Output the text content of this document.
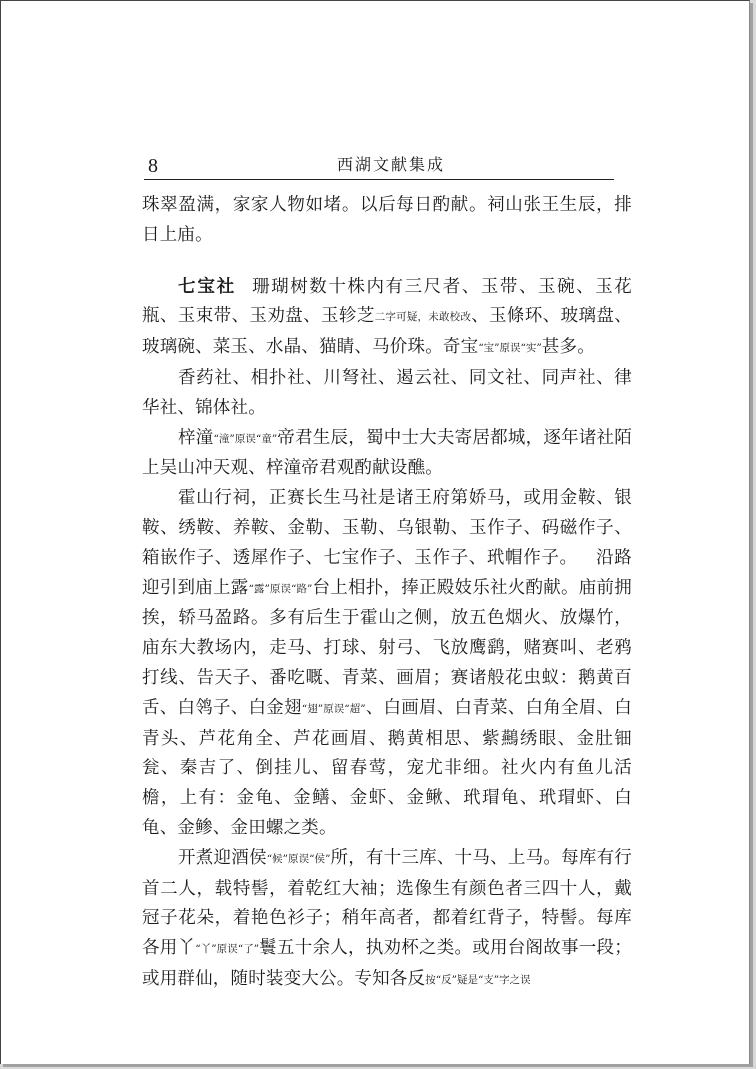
8	西湖文献集成

珠翠盈满，家家人物如堵。以后每日酌献。祠山张王生辰，排日上庙。

七宝社 珊瑚树数十株内有三尺者、玉带、玉碗、玉花瓶、玉束带、玉劝盘、玉轸芝二字可疑，未敢校改、玉條环、玻璃盘、玻璃碗、菜玉、水晶、猫睛、马价珠。奇宝“宝”原误“实”甚多。

香药社、相扑社、川弩社、遏云社、同文社、同声社、律华社、锦体社。

梓潼“潼”原误“童”帝君生辰，蜀中士大夫寄居都城，逐年诸社陌上吴山冲天观、梓潼帝君观酌献设醮。

霍山行祠，正赛长生马社是诸王府第娇马，或用金鞍、银鞍、绣鞍、养鞍、金勒、玉勒、乌银勒、玉作子、码磁作子、箱嵌作子、透犀作子、七宝作子、玉作子、玳帽作子。 沿路迎引到庙上露“露”原误“路”台上相扑，捧正殿妓乐社火酌献。庙前拥挨，轿马盈路。多有后生于霍山之侧，放五色烟火、放爆竹，庙东大教场内，走马、打球、射弓、飞放鹰鹞，赌赛叫、老鸦打线、告天子、番吃嘅、青菜、画眉；赛诸般花虫蚁：鹅黄百舌、白鸰子、白金翅“翅”原误“超”、白画眉、白青菜、白角全眉、白青头、芦花角全、芦花画眉、鹅黄相思、紫䴏绣眼、金肚钿瓮、秦吉了、倒挂儿、留春莺，宠尤非细。社火内有鱼儿活檐，上有：金龟、金鳝、金虾、金鳅、玳瑁龟、玳瑁虾、白龟、金鲹、金田螺之类。

开煮迎酒侯“候”原误“侯”所，有十三库、十马、上马。每库有行首二人，载特髻，着乾红大袖；选像生有颜色者三四十人，戴冠子花朵，着艳色衫子；稍年高者，都着红背子，特髻。每库各用丫“丫”原误“了”鬟五十余人，执劝杯之类。或用台阁故事一段；或用群仙，随时装变大公。专知各反按“反”疑是“支”字之误
